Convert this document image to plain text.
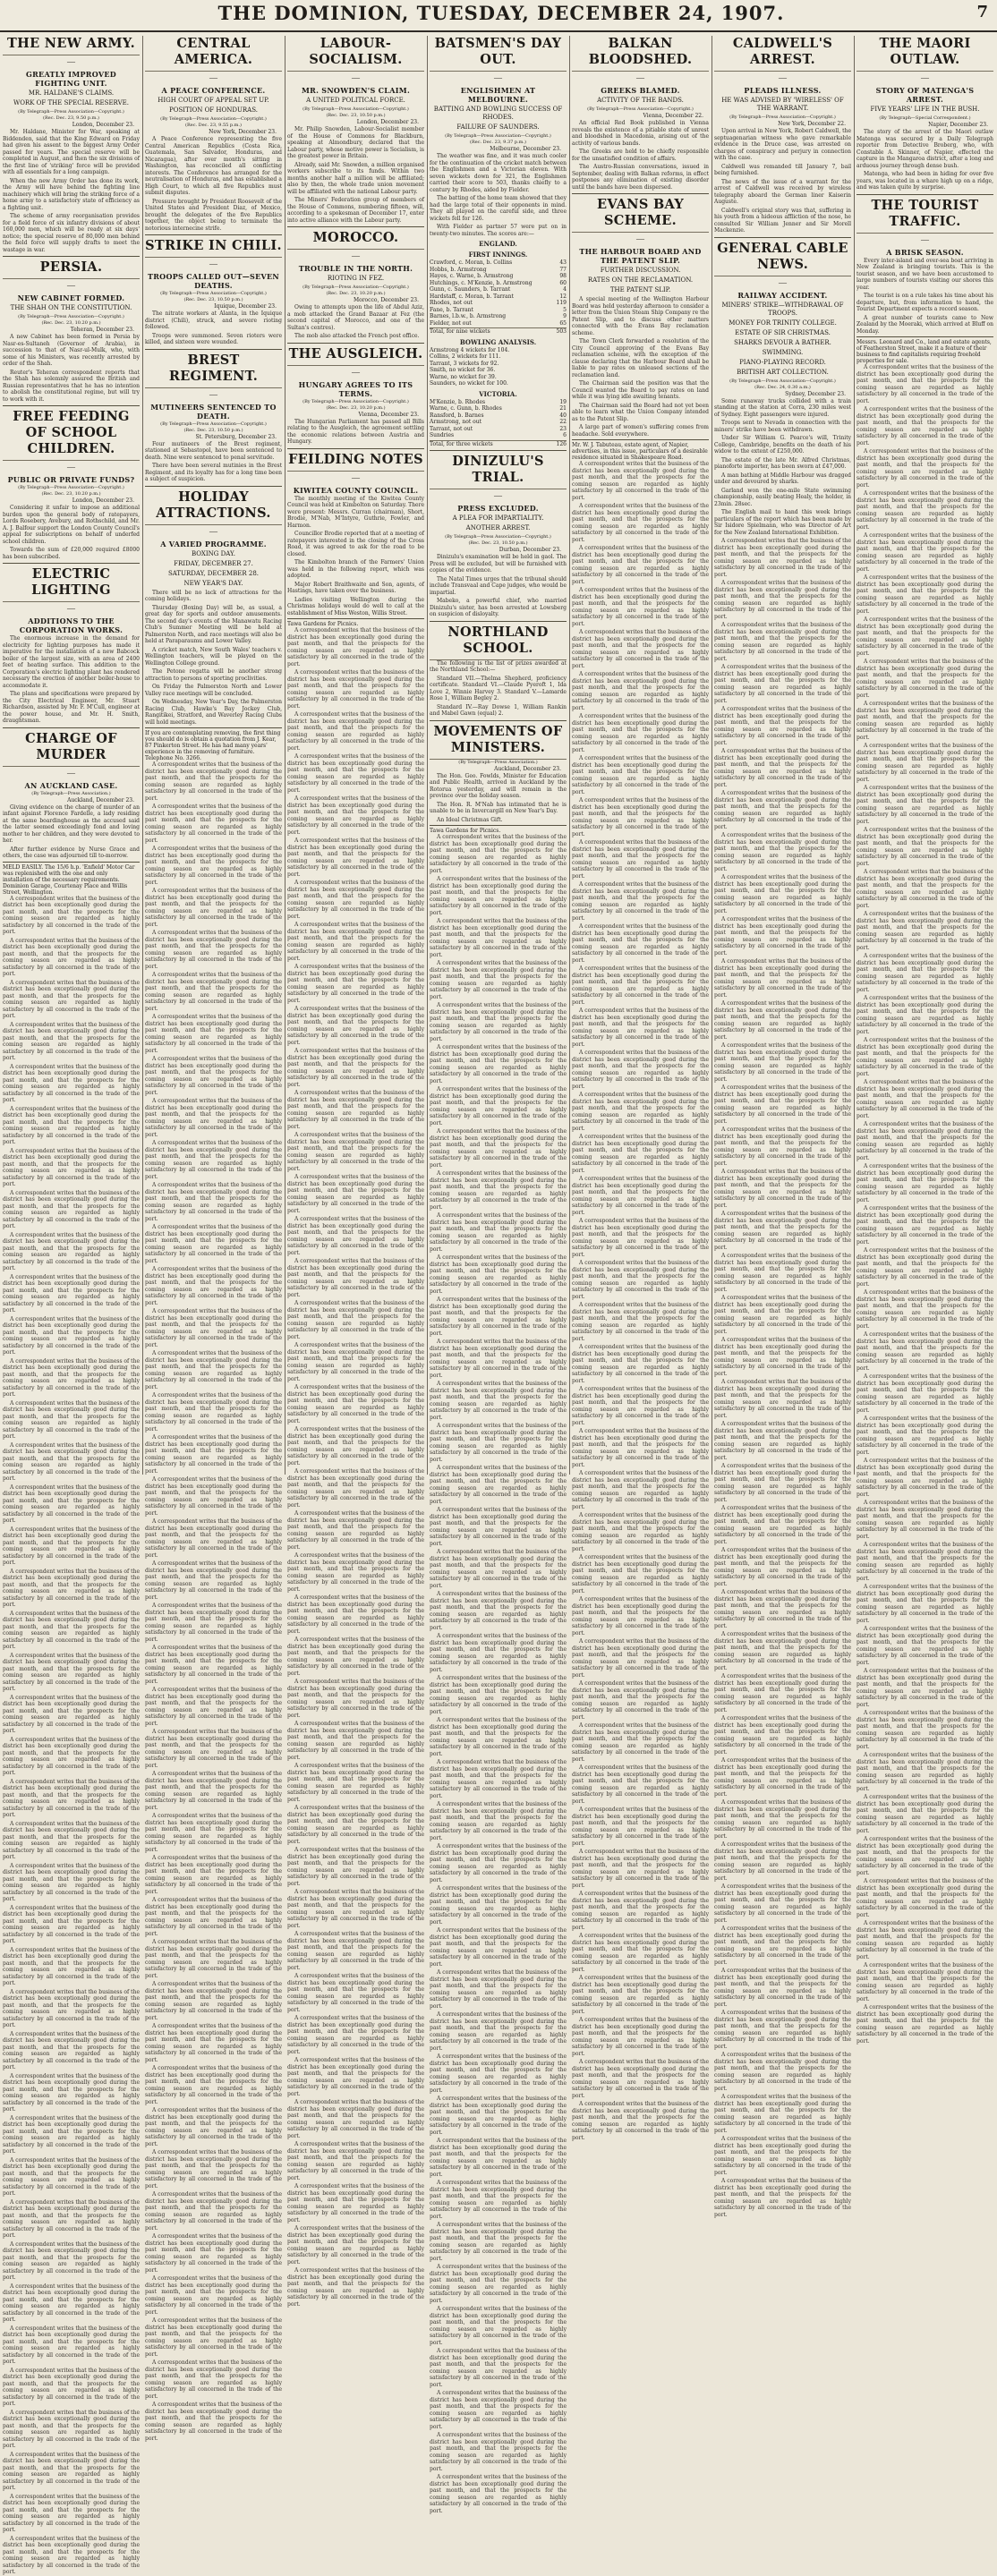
THE DOMINION, TUESDAY, DECEMBER 24, 1907.	7
THE NEW ARMY.
—
GREATLY IMPROVED FIGHTING UNIT.
MR. HALDANE'S CLAIMS.
WORK OF THE SPECIAL RESERVE.

(By Telegraph—Press Association—Copyright.)

(Rec. Dec. 23, 9.50 p.m.)

London, December 23.

Mr. Haldane, Minister for War, speaking at Biddenden, said that the King Edward on Friday had given his assent to the biggest Army Order passed for years. The special reserve will be completed in August, and then the six divisions of the first line of 'striking' force will be provided with all essentials for a long campaign.

When the new Army Order has done its work, the Army will have behind the fighting line machinery which will bring the striking force of a home army to a satisfactory state of efficiency as a fighting unit.

The scheme of army reorganisation provides for a field force of six infantry divisions of about 160,000 men, which will be ready at six days' notice; the special reserve of 80,000 men behind the field force will supply drafts to meet the wastage in war.

PERSIA.
—
NEW CABINET FORMED.
THE SHAH ON THE CONSTITUTION.

(By Telegraph—Press Association—Copyright.)

(Rec. Dec. 23, 10.20 p.m.)

Teheran, December 23.

A new Cabinet has been formed in Persia by Nasr-es-Sultaneh (Governor of Arabia), in succession to that of Nasr-ul-Mulk, who, with some of his Ministers, was recently arrested by order of the Shah.

Reuter's Teheran correspondent reports that the Shah has solemnly assured the British and Russian representatives that he has no intention to abolish the constitutional regime, but will try to work with it.

FREE FEEDING OF SCHOOL CHILDREN.
—
PUBLIC OR PRIVATE FUNDS?

(By Telegraph—Press Association—Copyright.)

(Rec. Dec. 23, 10.20 p.m.)

London, December 23.

Considering it unfair to impose an additional burden upon the general body of ratepayers, Lords Rosebery, Avebury, and Rothschild, and Mr. A. J. Balfour support the London County Council's appeal for subscriptions on behalf of underfed school children.

Towards the sum of £20,000 required £8000 has been subscribed.

ELECTRIC LIGHTING
—
ADDITIONS TO THE CORPORATION WORKS.

The enormous increase in the demand for electricity for lighting purposes has made it imperative for the installation of a new Babcock boiler of the largest size, with an area of 2400 feet of heating surface. This addition to the Corporation's electric lighting plant has rendered necessary the erection of another boiler-house to accommodate it.

The plans and specifications were prepared by the City Electrical Engineer, Mr. Stuart Richardson, assisted by Mr. F. M'Cull, engineer at the power house, and Mr. H. Smith, draughtsman.

CHARGE OF MURDER
—
AN AUCKLAND CASE.

(By Telegraph—Press Association.)

Auckland, December 23.

Giving evidence on the charge of murder of an infant against Florence Fardelle, a lady residing at the same boardinghouse as the accused said the latter seemed exceedingly fond and loving mother to her children, and they were devoted to her.

After further evidence by Nurse Grace and others, the case was adjourned till to-morrow.

MELD EASILY. The 15/6 h.p. 'Enfield' Motor Car was replenished with the one and only installation of the necessary requirements. Dominion Garage, Courtenay Place and Willis Street, Wellington.

A correspondent writes that the business of the district has been exceptionally good during the past month, and that the prospects for the coming season are regarded as highly satisfactory by all concerned in the trade of the port.

A correspondent writes that the business of the district has been exceptionally good during the past month, and that the prospects for the coming season are regarded as highly satisfactory by all concerned in the trade of the port.

A correspondent writes that the business of the district has been exceptionally good during the past month, and that the prospects for the coming season are regarded as highly satisfactory by all concerned in the trade of the port.

A correspondent writes that the business of the district has been exceptionally good during the past month, and that the prospects for the coming season are regarded as highly satisfactory by all concerned in the trade of the port.

A correspondent writes that the business of the district has been exceptionally good during the past month, and that the prospects for the coming season are regarded as highly satisfactory by all concerned in the trade of the port.

A correspondent writes that the business of the district has been exceptionally good during the past month, and that the prospects for the coming season are regarded as highly satisfactory by all concerned in the trade of the port.

A correspondent writes that the business of the district has been exceptionally good during the past month, and that the prospects for the coming season are regarded as highly satisfactory by all concerned in the trade of the port.

A correspondent writes that the business of the district has been exceptionally good during the past month, and that the prospects for the coming season are regarded as highly satisfactory by all concerned in the trade of the port.

A correspondent writes that the business of the district has been exceptionally good during the past month, and that the prospects for the coming season are regarded as highly satisfactory by all concerned in the trade of the port.

A correspondent writes that the business of the district has been exceptionally good during the past month, and that the prospects for the coming season are regarded as highly satisfactory by all concerned in the trade of the port.

A correspondent writes that the business of the district has been exceptionally good during the past month, and that the prospects for the coming season are regarded as highly satisfactory by all concerned in the trade of the port.

A correspondent writes that the business of the district has been exceptionally good during the past month, and that the prospects for the coming season are regarded as highly satisfactory by all concerned in the trade of the port.

A correspondent writes that the business of the district has been exceptionally good during the past month, and that the prospects for the coming season are regarded as highly satisfactory by all concerned in the trade of the port.

A correspondent writes that the business of the district has been exceptionally good during the past month, and that the prospects for the coming season are regarded as highly satisfactory by all concerned in the trade of the port.

A correspondent writes that the business of the district has been exceptionally good during the past month, and that the prospects for the coming season are regarded as highly satisfactory by all concerned in the trade of the port.

A correspondent writes that the business of the district has been exceptionally good during the past month, and that the prospects for the coming season are regarded as highly satisfactory by all concerned in the trade of the port.

A correspondent writes that the business of the district has been exceptionally good during the past month, and that the prospects for the coming season are regarded as highly satisfactory by all concerned in the trade of the port.

A correspondent writes that the business of the district has been exceptionally good during the past month, and that the prospects for the coming season are regarded as highly satisfactory by all concerned in the trade of the port.

A correspondent writes that the business of the district has been exceptionally good during the past month, and that the prospects for the coming season are regarded as highly satisfactory by all concerned in the trade of the port.

A correspondent writes that the business of the district has been exceptionally good during the past month, and that the prospects for the coming season are regarded as highly satisfactory by all concerned in the trade of the port.

A correspondent writes that the business of the district has been exceptionally good during the past month, and that the prospects for the coming season are regarded as highly satisfactory by all concerned in the trade of the port.

A correspondent writes that the business of the district has been exceptionally good during the past month, and that the prospects for the coming season are regarded as highly satisfactory by all concerned in the trade of the port.

A correspondent writes that the business of the district has been exceptionally good during the past month, and that the prospects for the coming season are regarded as highly satisfactory by all concerned in the trade of the port.

A correspondent writes that the business of the district has been exceptionally good during the past month, and that the prospects for the coming season are regarded as highly satisfactory by all concerned in the trade of the port.

A correspondent writes that the business of the district has been exceptionally good during the past month, and that the prospects for the coming season are regarded as highly satisfactory by all concerned in the trade of the port.

A correspondent writes that the business of the district has been exceptionally good during the past month, and that the prospects for the coming season are regarded as highly satisfactory by all concerned in the trade of the port.

A correspondent writes that the business of the district has been exceptionally good during the past month, and that the prospects for the coming season are regarded as highly satisfactory by all concerned in the trade of the port.

A correspondent writes that the business of the district has been exceptionally good during the past month, and that the prospects for the coming season are regarded as highly satisfactory by all concerned in the trade of the port.

A correspondent writes that the business of the district has been exceptionally good during the past month, and that the prospects for the coming season are regarded as highly satisfactory by all concerned in the trade of the port.

A correspondent writes that the business of the district has been exceptionally good during the past month, and that the prospects for the coming season are regarded as highly satisfactory by all concerned in the trade of the port.

A correspondent writes that the business of the district has been exceptionally good during the past month, and that the prospects for the coming season are regarded as highly satisfactory by all concerned in the trade of the port.

A correspondent writes that the business of the district has been exceptionally good during the past month, and that the prospects for the coming season are regarded as highly satisfactory by all concerned in the trade of the port.

A correspondent writes that the business of the district has been exceptionally good during the past month, and that the prospects for the coming season are regarded as highly satisfactory by all concerned in the trade of the port.

A correspondent writes that the business of the district has been exceptionally good during the past month, and that the prospects for the coming season are regarded as highly satisfactory by all concerned in the trade of the port.

A correspondent writes that the business of the district has been exceptionally good during the past month, and that the prospects for the coming season are regarded as highly satisfactory by all concerned in the trade of the port.

A correspondent writes that the business of the district has been exceptionally good during the past month, and that the prospects for the coming season are regarded as highly satisfactory by all concerned in the trade of the port.

A correspondent writes that the business of the district has been exceptionally good during the past month, and that the prospects for the coming season are regarded as highly satisfactory by all concerned in the trade of the port.

A correspondent writes that the business of the district has been exceptionally good during the past month, and that the prospects for the coming season are regarded as highly satisfactory by all concerned in the trade of the port.

A correspondent writes that the business of the district has been exceptionally good during the past month, and that the prospects for the coming season are regarded as highly satisfactory by all concerned in the trade of the port.

A correspondent writes that the business of the district has been exceptionally good during the past month, and that the prospects for the coming season are regarded as highly satisfactory by all concerned in the trade of the port.

CENTRAL AMERICA.
—
A PEACE CONFERENCE.
HIGH COURT OF APPEAL SET UP.
POSITION OF HONDURAS.

(By Telegraph—Press Association—Copyright.)

(Rec. Dec. 23, 9.55 p.m.)

New York, December 23.

A Peace Conference representing the five Central American Republics (Costa Rica, Guatemala, San Salvador, Honduras, and Nicaragua), after over month's sitting in Washington, has reconciled all conflicting interests. The Conference has arranged for the neutralisation of Honduras, and has established a High Court, to which all five Republics must submit disputes.

Pressure brought by President Roosevelt of the United States and President Diaz, of Mexico, brought the delegates of the five Republics together, the object being to terminate the notorious internecine strife.

STRIKE IN CHILI.
—
TROOPS CALLED OUT—SEVEN DEATHS.

(By Telegraph—Press Association—Copyright.)

(Rec. Dec. 23, 10.50 p.m.)

Iquique, December 23.

The nitrate workers at Alanta, in the Iquique district (Chili), struck, and severe rioting followed.

Troops were summoned. Seven rioters were killed, and sixteen were wounded.

BREST REGIMENT.
—
MUTINEERS SENTENCED TO DEATH.

(By Telegraph—Press Association—Copyright.)

(Rec. Dec. 23, 10.50 p.m.)

St. Petersburg, December 23.

Four mutineers of the Brest regiment, stationed at Sebastopol, have been sentenced to death. Nine were sentenced to penal servitude.

There have been several mutinies in the Brest Regiment, and its loyalty has for a long time been a subject of suspicion.

HOLIDAY ATTRACTIONS.
—
A VARIED PROGRAMME.
BOXING DAY.
FRIDAY, DECEMBER 27.
SATURDAY, DECEMBER 28.
NEW YEAR'S DAY.

There will be no lack of attractions for the coming holidays.

Thursday (Boxing Day) will be, as usual, a great day for sports and outdoor amusements. The second day's events of the Manawatu Racing Club's Summer Meeting will be held at Palmerston North, and race meetings will also be held at Paraparaumu and Lower Valley.

A cricket match, New South Wales' teachers v. Wellington teachers, will be played on the Wellington College ground.

The Petone regatta will be another strong attraction to persons of sporting proclivities.

On Friday the Palmerston North and Lower Valley race meetings will be concluded.

On Wednesday, New Year's Day, the Palmerston Racing Club, Hawke's Bay Jockey Club, Rangitikei, Stratford, and Waverley Racing Clubs will hold meetings.

If you are contemplating removing, the first thing you should do is obtain a quotation from J. Kear, 87 Pinkerton Street. He has had many years' experience in the removing of furniture. Telephone No. 3266.

A correspondent writes that the business of the district has been exceptionally good during the past month, and that the prospects for the coming season are regarded as highly satisfactory by all concerned in the trade of the port.

A correspondent writes that the business of the district has been exceptionally good during the past month, and that the prospects for the coming season are regarded as highly satisfactory by all concerned in the trade of the port.

A correspondent writes that the business of the district has been exceptionally good during the past month, and that the prospects for the coming season are regarded as highly satisfactory by all concerned in the trade of the port.

A correspondent writes that the business of the district has been exceptionally good during the past month, and that the prospects for the coming season are regarded as highly satisfactory by all concerned in the trade of the port.

A correspondent writes that the business of the district has been exceptionally good during the past month, and that the prospects for the coming season are regarded as highly satisfactory by all concerned in the trade of the port.

A correspondent writes that the business of the district has been exceptionally good during the past month, and that the prospects for the coming season are regarded as highly satisfactory by all concerned in the trade of the port.

A correspondent writes that the business of the district has been exceptionally good during the past month, and that the prospects for the coming season are regarded as highly satisfactory by all concerned in the trade of the port.

A correspondent writes that the business of the district has been exceptionally good during the past month, and that the prospects for the coming season are regarded as highly satisfactory by all concerned in the trade of the port.

A correspondent writes that the business of the district has been exceptionally good during the past month, and that the prospects for the coming season are regarded as highly satisfactory by all concerned in the trade of the port.

A correspondent writes that the business of the district has been exceptionally good during the past month, and that the prospects for the coming season are regarded as highly satisfactory by all concerned in the trade of the port.

A correspondent writes that the business of the district has been exceptionally good during the past month, and that the prospects for the coming season are regarded as highly satisfactory by all concerned in the trade of the port.

A correspondent writes that the business of the district has been exceptionally good during the past month, and that the prospects for the coming season are regarded as highly satisfactory by all concerned in the trade of the port.

A correspondent writes that the business of the district has been exceptionally good during the past month, and that the prospects for the coming season are regarded as highly satisfactory by all concerned in the trade of the port.

A correspondent writes that the business of the district has been exceptionally good during the past month, and that the prospects for the coming season are regarded as highly satisfactory by all concerned in the trade of the port.

A correspondent writes that the business of the district has been exceptionally good during the past month, and that the prospects for the coming season are regarded as highly satisfactory by all concerned in the trade of the port.

A correspondent writes that the business of the district has been exceptionally good during the past month, and that the prospects for the coming season are regarded as highly satisfactory by all concerned in the trade of the port.

A correspondent writes that the business of the district has been exceptionally good during the past month, and that the prospects for the coming season are regarded as highly satisfactory by all concerned in the trade of the port.

A correspondent writes that the business of the district has been exceptionally good during the past month, and that the prospects for the coming season are regarded as highly satisfactory by all concerned in the trade of the port.

A correspondent writes that the business of the district has been exceptionally good during the past month, and that the prospects for the coming season are regarded as highly satisfactory by all concerned in the trade of the port.

A correspondent writes that the business of the district has been exceptionally good during the past month, and that the prospects for the coming season are regarded as highly satisfactory by all concerned in the trade of the port.

A correspondent writes that the business of the district has been exceptionally good during the past month, and that the prospects for the coming season are regarded as highly satisfactory by all concerned in the trade of the port.

A correspondent writes that the business of the district has been exceptionally good during the past month, and that the prospects for the coming season are regarded as highly satisfactory by all concerned in the trade of the port.

A correspondent writes that the business of the district has been exceptionally good during the past month, and that the prospects for the coming season are regarded as highly satisfactory by all concerned in the trade of the port.

A correspondent writes that the business of the district has been exceptionally good during the past month, and that the prospects for the coming season are regarded as highly satisfactory by all concerned in the trade of the port.

A correspondent writes that the business of the district has been exceptionally good during the past month, and that the prospects for the coming season are regarded as highly satisfactory by all concerned in the trade of the port.

A correspondent writes that the business of the district has been exceptionally good during the past month, and that the prospects for the coming season are regarded as highly satisfactory by all concerned in the trade of the port.

A correspondent writes that the business of the district has been exceptionally good during the past month, and that the prospects for the coming season are regarded as highly satisfactory by all concerned in the trade of the port.

A correspondent writes that the business of the district has been exceptionally good during the past month, and that the prospects for the coming season are regarded as highly satisfactory by all concerned in the trade of the port.

A correspondent writes that the business of the district has been exceptionally good during the past month, and that the prospects for the coming season are regarded as highly satisfactory by all concerned in the trade of the port.

A correspondent writes that the business of the district has been exceptionally good during the past month, and that the prospects for the coming season are regarded as highly satisfactory by all concerned in the trade of the port.

A correspondent writes that the business of the district has been exceptionally good during the past month, and that the prospects for the coming season are regarded as highly satisfactory by all concerned in the trade of the port.

A correspondent writes that the business of the district has been exceptionally good during the past month, and that the prospects for the coming season are regarded as highly satisfactory by all concerned in the trade of the port.

A correspondent writes that the business of the district has been exceptionally good during the past month, and that the prospects for the coming season are regarded as highly satisfactory by all concerned in the trade of the port.

A correspondent writes that the business of the district has been exceptionally good during the past month, and that the prospects for the coming season are regarded as highly satisfactory by all concerned in the trade of the port.

A correspondent writes that the business of the district has been exceptionally good during the past month, and that the prospects for the coming season are regarded as highly satisfactory by all concerned in the trade of the port.

A correspondent writes that the business of the district has been exceptionally good during the past month, and that the prospects for the coming season are regarded as highly satisfactory by all concerned in the trade of the port.

A correspondent writes that the business of the district has been exceptionally good during the past month, and that the prospects for the coming season are regarded as highly satisfactory by all concerned in the trade of the port.

A correspondent writes that the business of the district has been exceptionally good during the past month, and that the prospects for the coming season are regarded as highly satisfactory by all concerned in the trade of the port.

A correspondent writes that the business of the district has been exceptionally good during the past month, and that the prospects for the coming season are regarded as highly satisfactory by all concerned in the trade of the port.

A correspondent writes that the business of the district has been exceptionally good during the past month, and that the prospects for the coming season are regarded as highly satisfactory by all concerned in the trade of the port.

LABOUR-SOCIALISM.
—
MR. SNOWDEN'S CLAIM.
A UNITED POLITICAL FORCE.

(By Telegraph—Press Association—Copyright.)

(Rec. Dec. 23, 10.50 p.m.)

London, December 23.

Mr. Philip Snowden, Labour-Socialist member of the House of Commons for Blackburn, speaking at Almondbury, declared that the Labour party, whose motive power is Socialism, is the greatest power in Britain.

Already, said Mr. Snowden, a million organised workers subscribe to its funds. Within two months another half a million will be affiliated; also by then, the whole trade union movement will be affiliated with the national Labour party.

The Miners' Federation group of members of the House of Commons, numbering fifteen, will, according to a spokesman of December 17, enter into active alliance with the Labour party.

MOROCCO.
—
TROUBLE IN THE NORTH.
RIOTING IN FEZ.

(By Telegraph—Press Association—Copyright.)

(Rec. Dec. 23, 10.20 p.m.)

Morocco, December 23.

Owing to attempts upon the life of Abdul Aziz, a mob attacked the Grand Bazaar at Fez (the second capital of Morocco, and one of the Sultan's centres).

The mob also attacked the French post office.

THE AUSGLEICH.
—
HUNGARY AGREES TO ITS TERMS.

(By Telegraph—Press Association—Copyright.)

(Rec. Dec. 23, 10.20 p.m.)

Vienna, December 23.

The Hungarian Parliament has passed all Bills relating to the Ausgleich, the agreement settling the economic relations between Austria and Hungary.

FEILDING NOTES
—
KIWITEA COUNTY COUNCIL.

The monthly meeting of the Kiwitea County Council was held at Kimbolton on Saturday. There were present: Messrs. Curran (chairman), Short, Brodie, M'Nab, M'Intyre, Guthrie, Fowler, and Harmon.

Councillor Brodie reported that at a meeting of ratepayers interested in the closing of the Cross Road, it was agreed to ask for the road to be closed.

The Kimbolton branch of the Farmers' Union was held in the following report, which was adopted.

Major Robert Braithwaite and Son, agents, of Hastings, have taken over the business.

Ladies visiting Wellington during the Christmas holidays would do well to call at the establishment of Miss Weston, Willis Street.

Tawa Gardens for Picnics.

A correspondent writes that the business of the district has been exceptionally good during the past month, and that the prospects for the coming season are regarded as highly satisfactory by all concerned in the trade of the port.

A correspondent writes that the business of the district has been exceptionally good during the past month, and that the prospects for the coming season are regarded as highly satisfactory by all concerned in the trade of the port.

A correspondent writes that the business of the district has been exceptionally good during the past month, and that the prospects for the coming season are regarded as highly satisfactory by all concerned in the trade of the port.

A correspondent writes that the business of the district has been exceptionally good during the past month, and that the prospects for the coming season are regarded as highly satisfactory by all concerned in the trade of the port.

A correspondent writes that the business of the district has been exceptionally good during the past month, and that the prospects for the coming season are regarded as highly satisfactory by all concerned in the trade of the port.

A correspondent writes that the business of the district has been exceptionally good during the past month, and that the prospects for the coming season are regarded as highly satisfactory by all concerned in the trade of the port.

A correspondent writes that the business of the district has been exceptionally good during the past month, and that the prospects for the coming season are regarded as highly satisfactory by all concerned in the trade of the port.

A correspondent writes that the business of the district has been exceptionally good during the past month, and that the prospects for the coming season are regarded as highly satisfactory by all concerned in the trade of the port.

A correspondent writes that the business of the district has been exceptionally good during the past month, and that the prospects for the coming season are regarded as highly satisfactory by all concerned in the trade of the port.

A correspondent writes that the business of the district has been exceptionally good during the past month, and that the prospects for the coming season are regarded as highly satisfactory by all concerned in the trade of the port.

A correspondent writes that the business of the district has been exceptionally good during the past month, and that the prospects for the coming season are regarded as highly satisfactory by all concerned in the trade of the port.

A correspondent writes that the business of the district has been exceptionally good during the past month, and that the prospects for the coming season are regarded as highly satisfactory by all concerned in the trade of the port.

A correspondent writes that the business of the district has been exceptionally good during the past month, and that the prospects for the coming season are regarded as highly satisfactory by all concerned in the trade of the port.

A correspondent writes that the business of the district has been exceptionally good during the past month, and that the prospects for the coming season are regarded as highly satisfactory by all concerned in the trade of the port.

A correspondent writes that the business of the district has been exceptionally good during the past month, and that the prospects for the coming season are regarded as highly satisfactory by all concerned in the trade of the port.

A correspondent writes that the business of the district has been exceptionally good during the past month, and that the prospects for the coming season are regarded as highly satisfactory by all concerned in the trade of the port.

A correspondent writes that the business of the district has been exceptionally good during the past month, and that the prospects for the coming season are regarded as highly satisfactory by all concerned in the trade of the port.

A correspondent writes that the business of the district has been exceptionally good during the past month, and that the prospects for the coming season are regarded as highly satisfactory by all concerned in the trade of the port.

A correspondent writes that the business of the district has been exceptionally good during the past month, and that the prospects for the coming season are regarded as highly satisfactory by all concerned in the trade of the port.

A correspondent writes that the business of the district has been exceptionally good during the past month, and that the prospects for the coming season are regarded as highly satisfactory by all concerned in the trade of the port.

A correspondent writes that the business of the district has been exceptionally good during the past month, and that the prospects for the coming season are regarded as highly satisfactory by all concerned in the trade of the port.

A correspondent writes that the business of the district has been exceptionally good during the past month, and that the prospects for the coming season are regarded as highly satisfactory by all concerned in the trade of the port.

A correspondent writes that the business of the district has been exceptionally good during the past month, and that the prospects for the coming season are regarded as highly satisfactory by all concerned in the trade of the port.

A correspondent writes that the business of the district has been exceptionally good during the past month, and that the prospects for the coming season are regarded as highly satisfactory by all concerned in the trade of the port.

A correspondent writes that the business of the district has been exceptionally good during the past month, and that the prospects for the coming season are regarded as highly satisfactory by all concerned in the trade of the port.

A correspondent writes that the business of the district has been exceptionally good during the past month, and that the prospects for the coming season are regarded as highly satisfactory by all concerned in the trade of the port.

A correspondent writes that the business of the district has been exceptionally good during the past month, and that the prospects for the coming season are regarded as highly satisfactory by all concerned in the trade of the port.

A correspondent writes that the business of the district has been exceptionally good during the past month, and that the prospects for the coming season are regarded as highly satisfactory by all concerned in the trade of the port.

A correspondent writes that the business of the district has been exceptionally good during the past month, and that the prospects for the coming season are regarded as highly satisfactory by all concerned in the trade of the port.

A correspondent writes that the business of the district has been exceptionally good during the past month, and that the prospects for the coming season are regarded as highly satisfactory by all concerned in the trade of the port.

A correspondent writes that the business of the district has been exceptionally good during the past month, and that the prospects for the coming season are regarded as highly satisfactory by all concerned in the trade of the port.

A correspondent writes that the business of the district has been exceptionally good during the past month, and that the prospects for the coming season are regarded as highly satisfactory by all concerned in the trade of the port.

A correspondent writes that the business of the district has been exceptionally good during the past month, and that the prospects for the coming season are regarded as highly satisfactory by all concerned in the trade of the port.

A correspondent writes that the business of the district has been exceptionally good during the past month, and that the prospects for the coming season are regarded as highly satisfactory by all concerned in the trade of the port.

A correspondent writes that the business of the district has been exceptionally good during the past month, and that the prospects for the coming season are regarded as highly satisfactory by all concerned in the trade of the port.

A correspondent writes that the business of the district has been exceptionally good during the past month, and that the prospects for the coming season are regarded as highly satisfactory by all concerned in the trade of the port.

A correspondent writes that the business of the district has been exceptionally good during the past month, and that the prospects for the coming season are regarded as highly satisfactory by all concerned in the trade of the port.

A correspondent writes that the business of the district has been exceptionally good during the past month, and that the prospects for the coming season are regarded as highly satisfactory by all concerned in the trade of the port.

A correspondent writes that the business of the district has been exceptionally good during the past month, and that the prospects for the coming season are regarded as highly satisfactory by all concerned in the trade of the port.

A correspondent writes that the business of the district has been exceptionally good during the past month, and that the prospects for the coming season are regarded as highly satisfactory by all concerned in the trade of the port.

BATSMEN'S DAY OUT.
—
ENGLISHMEN AT MELBOURNE.
BATTING AND BOWLING SUCCESS OF RHODES.
FAILURE OF SAUNDERS.

(By Telegraph—Press Association—Copyright.)

(Rec. Dec. 23, 9.37 p.m.)

Melbourne, December 23.

The weather was fine, and it was much cooler for the continuation of the cricket match between the Englishmen and a Victorian eleven. With seven wickets down for 321, the Englishmen carried their score to 503, thanks chiefly to a century by Rhodes, aided by Fielder.

The batting of the home team showed that they had the large total of their opponents in mind. They all played on the careful side, and three wickets fell for 126.

With Fielder as partner 57 were put on in twenty-two minutes. The scores are:—

ENGLAND.
FIRST INNINGS.
Crawford, c. Moran, b. Collins	43
Hobbs, b. Armstrong	77
Hayes, c. Warne, b. Armstrong	98
Hutchings, c. M'Kenzie, b. Armstrong	60
Gunn, c. Saunders, b. Tarrant	4
Hardstaff, c. Moran, b. Tarrant	12
Rhodes, not out	119
Fane, b. Tarrant	5
Barnes, l.b.w., b. Armstrong	9
Fielder, not out	65
Total, for nine wickets	503
BOWLING ANALYSIS.
Armstrong 4 wickets for 104.
Collins, 2 wickets for 111.
Tarrant, 3 wickets for 92.
Smith, no wicket for 36.
Warne, no wicket for 39.
Saunders, no wicket for 100.
VICTORIA.
M'Kenzie, b. Rhodes	19
Warne, c. Gunn, b. Rhodes	21
Ransford, b. Barnes	40
Armstrong, not out	22
Tarrant, not out	23
Sundries	6
Total, for three wickets	126
DINIZULU'S TRIAL.
—
PRESS EXCLUDED.
A PLEA FOR IMPARTIALITY.
ANOTHER ARREST.

(By Telegraph—Press Association—Copyright.)

(Rec. Dec. 23, 10.50 p.m.)

Durban, December 23.

Dinizulu's examination will be held in gaol. The Press will be excluded, but will be furnished with copies of the evidence.

The Natal Times urges that the tribunal should include Transvaal and Cape judges, who would be impartial.

Mabeko, a powerful chief, who married Dinizulu's sister, has been arrested at Lowsberg on suspicion of disloyalty.

NORTHLAND SCHOOL.

The following is the list of prizes awarded at the Northland School:—

Standard VII.—Thelma Shepherd, proficiency certificate. Standard VI.—Claude Pyeroft 1, Ida Love 2, Winnie Harvey 3. Standard V.—Lamarde Rose 1, William Begley 2.

Standard IV.—Ray Dowse 1, William Rankin and Mabel Gawn (equal) 2.

MOVEMENTS OF MINISTERS.

(By Telegraph—Press Association.)

Auckland, December 23.

The Hon. Geo. Fowlds, Minister for Education and Public Health, arrived in Auckland by the Rotorua yesterday, and will remain in the province over the holiday season.

The Hon. R. M'Nab has intimated that he is unable to be in Invercargill on New Year's Day.

An Ideal Christmas Gift.

Tawa Gardens for Picnics.

A correspondent writes that the business of the district has been exceptionally good during the past month, and that the prospects for the coming season are regarded as highly satisfactory by all concerned in the trade of the port.

A correspondent writes that the business of the district has been exceptionally good during the past month, and that the prospects for the coming season are regarded as highly satisfactory by all concerned in the trade of the port.

A correspondent writes that the business of the district has been exceptionally good during the past month, and that the prospects for the coming season are regarded as highly satisfactory by all concerned in the trade of the port.

A correspondent writes that the business of the district has been exceptionally good during the past month, and that the prospects for the coming season are regarded as highly satisfactory by all concerned in the trade of the port.

A correspondent writes that the business of the district has been exceptionally good during the past month, and that the prospects for the coming season are regarded as highly satisfactory by all concerned in the trade of the port.

A correspondent writes that the business of the district has been exceptionally good during the past month, and that the prospects for the coming season are regarded as highly satisfactory by all concerned in the trade of the port.

A correspondent writes that the business of the district has been exceptionally good during the past month, and that the prospects for the coming season are regarded as highly satisfactory by all concerned in the trade of the port.

A correspondent writes that the business of the district has been exceptionally good during the past month, and that the prospects for the coming season are regarded as highly satisfactory by all concerned in the trade of the port.

A correspondent writes that the business of the district has been exceptionally good during the past month, and that the prospects for the coming season are regarded as highly satisfactory by all concerned in the trade of the port.

A correspondent writes that the business of the district has been exceptionally good during the past month, and that the prospects for the coming season are regarded as highly satisfactory by all concerned in the trade of the port.

A correspondent writes that the business of the district has been exceptionally good during the past month, and that the prospects for the coming season are regarded as highly satisfactory by all concerned in the trade of the port.

A correspondent writes that the business of the district has been exceptionally good during the past month, and that the prospects for the coming season are regarded as highly satisfactory by all concerned in the trade of the port.

A correspondent writes that the business of the district has been exceptionally good during the past month, and that the prospects for the coming season are regarded as highly satisfactory by all concerned in the trade of the port.

A correspondent writes that the business of the district has been exceptionally good during the past month, and that the prospects for the coming season are regarded as highly satisfactory by all concerned in the trade of the port.

A correspondent writes that the business of the district has been exceptionally good during the past month, and that the prospects for the coming season are regarded as highly satisfactory by all concerned in the trade of the port.

A correspondent writes that the business of the district has been exceptionally good during the past month, and that the prospects for the coming season are regarded as highly satisfactory by all concerned in the trade of the port.

A correspondent writes that the business of the district has been exceptionally good during the past month, and that the prospects for the coming season are regarded as highly satisfactory by all concerned in the trade of the port.

A correspondent writes that the business of the district has been exceptionally good during the past month, and that the prospects for the coming season are regarded as highly satisfactory by all concerned in the trade of the port.

A correspondent writes that the business of the district has been exceptionally good during the past month, and that the prospects for the coming season are regarded as highly satisfactory by all concerned in the trade of the port.

A correspondent writes that the business of the district has been exceptionally good during the past month, and that the prospects for the coming season are regarded as highly satisfactory by all concerned in the trade of the port.

A correspondent writes that the business of the district has been exceptionally good during the past month, and that the prospects for the coming season are regarded as highly satisfactory by all concerned in the trade of the port.

A correspondent writes that the business of the district has been exceptionally good during the past month, and that the prospects for the coming season are regarded as highly satisfactory by all concerned in the trade of the port.

A correspondent writes that the business of the district has been exceptionally good during the past month, and that the prospects for the coming season are regarded as highly satisfactory by all concerned in the trade of the port.

A correspondent writes that the business of the district has been exceptionally good during the past month, and that the prospects for the coming season are regarded as highly satisfactory by all concerned in the trade of the port.

A correspondent writes that the business of the district has been exceptionally good during the past month, and that the prospects for the coming season are regarded as highly satisfactory by all concerned in the trade of the port.

A correspondent writes that the business of the district has been exceptionally good during the past month, and that the prospects for the coming season are regarded as highly satisfactory by all concerned in the trade of the port.

A correspondent writes that the business of the district has been exceptionally good during the past month, and that the prospects for the coming season are regarded as highly satisfactory by all concerned in the trade of the port.

A correspondent writes that the business of the district has been exceptionally good during the past month, and that the prospects for the coming season are regarded as highly satisfactory by all concerned in the trade of the port.

A correspondent writes that the business of the district has been exceptionally good during the past month, and that the prospects for the coming season are regarded as highly satisfactory by all concerned in the trade of the port.

A correspondent writes that the business of the district has been exceptionally good during the past month, and that the prospects for the coming season are regarded as highly satisfactory by all concerned in the trade of the port.

A correspondent writes that the business of the district has been exceptionally good during the past month, and that the prospects for the coming season are regarded as highly satisfactory by all concerned in the trade of the port.

A correspondent writes that the business of the district has been exceptionally good during the past month, and that the prospects for the coming season are regarded as highly satisfactory by all concerned in the trade of the port.

A correspondent writes that the business of the district has been exceptionally good during the past month, and that the prospects for the coming season are regarded as highly satisfactory by all concerned in the trade of the port.

A correspondent writes that the business of the district has been exceptionally good during the past month, and that the prospects for the coming season are regarded as highly satisfactory by all concerned in the trade of the port.

A correspondent writes that the business of the district has been exceptionally good during the past month, and that the prospects for the coming season are regarded as highly satisfactory by all concerned in the trade of the port.

A correspondent writes that the business of the district has been exceptionally good during the past month, and that the prospects for the coming season are regarded as highly satisfactory by all concerned in the trade of the port.

A correspondent writes that the business of the district has been exceptionally good during the past month, and that the prospects for the coming season are regarded as highly satisfactory by all concerned in the trade of the port.

A correspondent writes that the business of the district has been exceptionally good during the past month, and that the prospects for the coming season are regarded as highly satisfactory by all concerned in the trade of the port.

A correspondent writes that the business of the district has been exceptionally good during the past month, and that the prospects for the coming season are regarded as highly satisfactory by all concerned in the trade of the port.

A correspondent writes that the business of the district has been exceptionally good during the past month, and that the prospects for the coming season are regarded as highly satisfactory by all concerned in the trade of the port.

BALKAN BLOODSHED.
—
GREEKS BLAMED.
ACTIVITY OF THE BANDS.

(By Telegraph—Press Association—Copyright.)

Vienna, December 22.

An official Red Book published in Vienna reveals the existence of a pitiable state of unrest and bloodshed in Macedonia, arising out of the activity of various bands.

The Greeks are held to be chiefly responsible for the unsatisfied condition of affairs.

The Austro-Russian conversations, issued in September, dealing with Balkan reforms, in effect postpones any elimination of existing disorder until the bands have been dispersed.

EVANS BAY SCHEME.
—
THE HARBOUR BOARD AND THE PATENT SLIP.
FURTHER DISCUSSION.
RATES ON THE RECLAMATION.
THE PATENT SLIP.

A special meeting of the Wellington Harbour Board was held yesterday afternoon to consider a letter from the Union Steam Ship Company re the Patent Slip, and to discuss other matters connected with the Evans Bay reclamation scheme.

The Town Clerk forwarded a resolution of the City Council approving of the Evans Bay reclamation scheme, with the exception of the clause declaring that the Harbour Board shall be liable to pay rates on unleased sections of the reclamation land.

The Chairman said the position was that the Council wanted the Board to pay rates on land while it was lying idle awaiting tenants.

The Chairman said the Board had not yet been able to learn what the Union Company intended as to the Patent Slip.

A large part of women's suffering comes from headache. Sold everywhere.

Mr. W. J. Tabuteau, estate agent, of Napier, advertises, in this issue, particulars of a desirable residence situated in Shakespeare Road.

A correspondent writes that the business of the district has been exceptionally good during the past month, and that the prospects for the coming season are regarded as highly satisfactory by all concerned in the trade of the port.

A correspondent writes that the business of the district has been exceptionally good during the past month, and that the prospects for the coming season are regarded as highly satisfactory by all concerned in the trade of the port.

A correspondent writes that the business of the district has been exceptionally good during the past month, and that the prospects for the coming season are regarded as highly satisfactory by all concerned in the trade of the port.

A correspondent writes that the business of the district has been exceptionally good during the past month, and that the prospects for the coming season are regarded as highly satisfactory by all concerned in the trade of the port.

A correspondent writes that the business of the district has been exceptionally good during the past month, and that the prospects for the coming season are regarded as highly satisfactory by all concerned in the trade of the port.

A correspondent writes that the business of the district has been exceptionally good during the past month, and that the prospects for the coming season are regarded as highly satisfactory by all concerned in the trade of the port.

A correspondent writes that the business of the district has been exceptionally good during the past month, and that the prospects for the coming season are regarded as highly satisfactory by all concerned in the trade of the port.

A correspondent writes that the business of the district has been exceptionally good during the past month, and that the prospects for the coming season are regarded as highly satisfactory by all concerned in the trade of the port.

A correspondent writes that the business of the district has been exceptionally good during the past month, and that the prospects for the coming season are regarded as highly satisfactory by all concerned in the trade of the port.

A correspondent writes that the business of the district has been exceptionally good during the past month, and that the prospects for the coming season are regarded as highly satisfactory by all concerned in the trade of the port.

A correspondent writes that the business of the district has been exceptionally good during the past month, and that the prospects for the coming season are regarded as highly satisfactory by all concerned in the trade of the port.

A correspondent writes that the business of the district has been exceptionally good during the past month, and that the prospects for the coming season are regarded as highly satisfactory by all concerned in the trade of the port.

A correspondent writes that the business of the district has been exceptionally good during the past month, and that the prospects for the coming season are regarded as highly satisfactory by all concerned in the trade of the port.

A correspondent writes that the business of the district has been exceptionally good during the past month, and that the prospects for the coming season are regarded as highly satisfactory by all concerned in the trade of the port.

A correspondent writes that the business of the district has been exceptionally good during the past month, and that the prospects for the coming season are regarded as highly satisfactory by all concerned in the trade of the port.

A correspondent writes that the business of the district has been exceptionally good during the past month, and that the prospects for the coming season are regarded as highly satisfactory by all concerned in the trade of the port.

A correspondent writes that the business of the district has been exceptionally good during the past month, and that the prospects for the coming season are regarded as highly satisfactory by all concerned in the trade of the port.

A correspondent writes that the business of the district has been exceptionally good during the past month, and that the prospects for the coming season are regarded as highly satisfactory by all concerned in the trade of the port.

A correspondent writes that the business of the district has been exceptionally good during the past month, and that the prospects for the coming season are regarded as highly satisfactory by all concerned in the trade of the port.

A correspondent writes that the business of the district has been exceptionally good during the past month, and that the prospects for the coming season are regarded as highly satisfactory by all concerned in the trade of the port.

A correspondent writes that the business of the district has been exceptionally good during the past month, and that the prospects for the coming season are regarded as highly satisfactory by all concerned in the trade of the port.

A correspondent writes that the business of the district has been exceptionally good during the past month, and that the prospects for the coming season are regarded as highly satisfactory by all concerned in the trade of the port.

A correspondent writes that the business of the district has been exceptionally good during the past month, and that the prospects for the coming season are regarded as highly satisfactory by all concerned in the trade of the port.

A correspondent writes that the business of the district has been exceptionally good during the past month, and that the prospects for the coming season are regarded as highly satisfactory by all concerned in the trade of the port.

A correspondent writes that the business of the district has been exceptionally good during the past month, and that the prospects for the coming season are regarded as highly satisfactory by all concerned in the trade of the port.

A correspondent writes that the business of the district has been exceptionally good during the past month, and that the prospects for the coming season are regarded as highly satisfactory by all concerned in the trade of the port.

A correspondent writes that the business of the district has been exceptionally good during the past month, and that the prospects for the coming season are regarded as highly satisfactory by all concerned in the trade of the port.

A correspondent writes that the business of the district has been exceptionally good during the past month, and that the prospects for the coming season are regarded as highly satisfactory by all concerned in the trade of the port.

A correspondent writes that the business of the district has been exceptionally good during the past month, and that the prospects for the coming season are regarded as highly satisfactory by all concerned in the trade of the port.

A correspondent writes that the business of the district has been exceptionally good during the past month, and that the prospects for the coming season are regarded as highly satisfactory by all concerned in the trade of the port.

A correspondent writes that the business of the district has been exceptionally good during the past month, and that the prospects for the coming season are regarded as highly satisfactory by all concerned in the trade of the port.

A correspondent writes that the business of the district has been exceptionally good during the past month, and that the prospects for the coming season are regarded as highly satisfactory by all concerned in the trade of the port.

A correspondent writes that the business of the district has been exceptionally good during the past month, and that the prospects for the coming season are regarded as highly satisfactory by all concerned in the trade of the port.

A correspondent writes that the business of the district has been exceptionally good during the past month, and that the prospects for the coming season are regarded as highly satisfactory by all concerned in the trade of the port.

A correspondent writes that the business of the district has been exceptionally good during the past month, and that the prospects for the coming season are regarded as highly satisfactory by all concerned in the trade of the port.

A correspondent writes that the business of the district has been exceptionally good during the past month, and that the prospects for the coming season are regarded as highly satisfactory by all concerned in the trade of the port.

A correspondent writes that the business of the district has been exceptionally good during the past month, and that the prospects for the coming season are regarded as highly satisfactory by all concerned in the trade of the port.

A correspondent writes that the business of the district has been exceptionally good during the past month, and that the prospects for the coming season are regarded as highly satisfactory by all concerned in the trade of the port.

A correspondent writes that the business of the district has been exceptionally good during the past month, and that the prospects for the coming season are regarded as highly satisfactory by all concerned in the trade of the port.

A correspondent writes that the business of the district has been exceptionally good during the past month, and that the prospects for the coming season are regarded as highly satisfactory by all concerned in the trade of the port.

CALDWELL'S ARREST.
—
PLEADS ILLNESS.
HE WAS ADVISED BY 'WIRELESS' OF THE WARRANT.

(By Telegraph—Press Association—Copyright.)

New York, December 22.

Upon arrival in New York, Robert Caldwell, the septuagenarian witness who gave remarkable evidence in the Druce case, was arrested on charges of conspiracy and perjury in connection with the case.

Caldwell was remanded till January 7, bail being furnished.

The news of the issue of a warrant for the arrest of Caldwell was received by wireless telegraphy aboard the German liner Kaiserin Auguste.

Caldwell's original story was that, suffering in his youth from a hideous affliction of the nose, he consulted Sir William Jenner and Sir Morell Mackenzie.

GENERAL CABLE NEWS.
—
RAILWAY ACCIDENT.
MINERS' STRIKE—WITHDRAWAL OF TROOPS.
MONEY FOR TRINITY COLLEGE.
ESTATE OF SIR CHRISTMAS.
SHARKS DEVOUR A BATHER.
SWIMMING.
PIANO-PLAYING RECORD.
BRITISH ART COLLECTION.

(By Telegraph—Press Association—Copyright.)

(Rec. Dec. 24, 0.30 a.m.)

Sydney, December 23.

Some runaway trucks collided with a train standing at the station at Corra, 230 miles west of Sydney. Eight passengers were injured.

Troops sent to Nevada in connection with the miners' strike have been withdrawn.

Under Sir William G. Pearce's will, Trinity College, Cambridge, benefits on the death of his widow to the extent of £250,000.

The estate of the late Mr. Alfred Christmas, pianoforte importer, has been sworn at £47,000.

A man bathing at Middle Harbour was dragged under and devoured by sharks.

Garland won the one-mile State swimming championship, easily beating Healy, the holder, in 23min. 28sec.

The English mail to hand this week brings particulars of the report which has been made by Sir Isidore Spielmann, who was Director of Art for the New Zealand International Exhibition.

A correspondent writes that the business of the district has been exceptionally good during the past month, and that the prospects for the coming season are regarded as highly satisfactory by all concerned in the trade of the port.

A correspondent writes that the business of the district has been exceptionally good during the past month, and that the prospects for the coming season are regarded as highly satisfactory by all concerned in the trade of the port.

A correspondent writes that the business of the district has been exceptionally good during the past month, and that the prospects for the coming season are regarded as highly satisfactory by all concerned in the trade of the port.

A correspondent writes that the business of the district has been exceptionally good during the past month, and that the prospects for the coming season are regarded as highly satisfactory by all concerned in the trade of the port.

A correspondent writes that the business of the district has been exceptionally good during the past month, and that the prospects for the coming season are regarded as highly satisfactory by all concerned in the trade of the port.

A correspondent writes that the business of the district has been exceptionally good during the past month, and that the prospects for the coming season are regarded as highly satisfactory by all concerned in the trade of the port.

A correspondent writes that the business of the district has been exceptionally good during the past month, and that the prospects for the coming season are regarded as highly satisfactory by all concerned in the trade of the port.

A correspondent writes that the business of the district has been exceptionally good during the past month, and that the prospects for the coming season are regarded as highly satisfactory by all concerned in the trade of the port.

A correspondent writes that the business of the district has been exceptionally good during the past month, and that the prospects for the coming season are regarded as highly satisfactory by all concerned in the trade of the port.

A correspondent writes that the business of the district has been exceptionally good during the past month, and that the prospects for the coming season are regarded as highly satisfactory by all concerned in the trade of the port.

A correspondent writes that the business of the district has been exceptionally good during the past month, and that the prospects for the coming season are regarded as highly satisfactory by all concerned in the trade of the port.

A correspondent writes that the business of the district has been exceptionally good during the past month, and that the prospects for the coming season are regarded as highly satisfactory by all concerned in the trade of the port.

A correspondent writes that the business of the district has been exceptionally good during the past month, and that the prospects for the coming season are regarded as highly satisfactory by all concerned in the trade of the port.

A correspondent writes that the business of the district has been exceptionally good during the past month, and that the prospects for the coming season are regarded as highly satisfactory by all concerned in the trade of the port.

A correspondent writes that the business of the district has been exceptionally good during the past month, and that the prospects for the coming season are regarded as highly satisfactory by all concerned in the trade of the port.

A correspondent writes that the business of the district has been exceptionally good during the past month, and that the prospects for the coming season are regarded as highly satisfactory by all concerned in the trade of the port.

A correspondent writes that the business of the district has been exceptionally good during the past month, and that the prospects for the coming season are regarded as highly satisfactory by all concerned in the trade of the port.

A correspondent writes that the business of the district has been exceptionally good during the past month, and that the prospects for the coming season are regarded as highly satisfactory by all concerned in the trade of the port.

A correspondent writes that the business of the district has been exceptionally good during the past month, and that the prospects for the coming season are regarded as highly satisfactory by all concerned in the trade of the port.

A correspondent writes that the business of the district has been exceptionally good during the past month, and that the prospects for the coming season are regarded as highly satisfactory by all concerned in the trade of the port.

A correspondent writes that the business of the district has been exceptionally good during the past month, and that the prospects for the coming season are regarded as highly satisfactory by all concerned in the trade of the port.

A correspondent writes that the business of the district has been exceptionally good during the past month, and that the prospects for the coming season are regarded as highly satisfactory by all concerned in the trade of the port.

A correspondent writes that the business of the district has been exceptionally good during the past month, and that the prospects for the coming season are regarded as highly satisfactory by all concerned in the trade of the port.

A correspondent writes that the business of the district has been exceptionally good during the past month, and that the prospects for the coming season are regarded as highly satisfactory by all concerned in the trade of the port.

A correspondent writes that the business of the district has been exceptionally good during the past month, and that the prospects for the coming season are regarded as highly satisfactory by all concerned in the trade of the port.

A correspondent writes that the business of the district has been exceptionally good during the past month, and that the prospects for the coming season are regarded as highly satisfactory by all concerned in the trade of the port.

A correspondent writes that the business of the district has been exceptionally good during the past month, and that the prospects for the coming season are regarded as highly satisfactory by all concerned in the trade of the port.

A correspondent writes that the business of the district has been exceptionally good during the past month, and that the prospects for the coming season are regarded as highly satisfactory by all concerned in the trade of the port.

A correspondent writes that the business of the district has been exceptionally good during the past month, and that the prospects for the coming season are regarded as highly satisfactory by all concerned in the trade of the port.

A correspondent writes that the business of the district has been exceptionally good during the past month, and that the prospects for the coming season are regarded as highly satisfactory by all concerned in the trade of the port.

A correspondent writes that the business of the district has been exceptionally good during the past month, and that the prospects for the coming season are regarded as highly satisfactory by all concerned in the trade of the port.

A correspondent writes that the business of the district has been exceptionally good during the past month, and that the prospects for the coming season are regarded as highly satisfactory by all concerned in the trade of the port.

A correspondent writes that the business of the district has been exceptionally good during the past month, and that the prospects for the coming season are regarded as highly satisfactory by all concerned in the trade of the port.

A correspondent writes that the business of the district has been exceptionally good during the past month, and that the prospects for the coming season are regarded as highly satisfactory by all concerned in the trade of the port.

A correspondent writes that the business of the district has been exceptionally good during the past month, and that the prospects for the coming season are regarded as highly satisfactory by all concerned in the trade of the port.

A correspondent writes that the business of the district has been exceptionally good during the past month, and that the prospects for the coming season are regarded as highly satisfactory by all concerned in the trade of the port.

A correspondent writes that the business of the district has been exceptionally good during the past month, and that the prospects for the coming season are regarded as highly satisfactory by all concerned in the trade of the port.

A correspondent writes that the business of the district has been exceptionally good during the past month, and that the prospects for the coming season are regarded as highly satisfactory by all concerned in the trade of the port.

A correspondent writes that the business of the district has been exceptionally good during the past month, and that the prospects for the coming season are regarded as highly satisfactory by all concerned in the trade of the port.

A correspondent writes that the business of the district has been exceptionally good during the past month, and that the prospects for the coming season are regarded as highly satisfactory by all concerned in the trade of the port.

THE MAORI OUTLAW.
—
STORY OF MATENGA'S ARREST.
FIVE YEARS' LIFE IN THE BUSH.

(By Telegraph—Special Correspondent.)

Napier, December 23.

The story of the arrest of the Maori outlaw Matenga was secured by a Daily Telegraph reporter from Detective Broberg, who, with Constable A. Skinner, of Napier, effected the capture in the Mangaroa district, after a long and arduous journey through dense bush.

Matenga, who had been in hiding for over five years, was located in a whare high up on a ridge, and was taken quite by surprise.

THE TOURIST TRAFFIC.
—
A BRISK SEASON.

Every inter-island and over-sea boat arriving in New Zealand is bringing tourists. This is the tourist season, and we have been accustomed to large numbers of tourists visiting our shores this year.

The tourist is on a rule takes his time about his departure, but, from information to hand, the Tourist Department expects a record season.

A great number of tourists came to New Zealand by the Moeraki, which arrived at Bluff on Monday.

Messrs. Leonard and Co., land and estate agents, of Featherston Street, make it a feature of their business to find capitalists requiring freehold properties for sale.

A correspondent writes that the business of the district has been exceptionally good during the past month, and that the prospects for the coming season are regarded as highly satisfactory by all concerned in the trade of the port.

A correspondent writes that the business of the district has been exceptionally good during the past month, and that the prospects for the coming season are regarded as highly satisfactory by all concerned in the trade of the port.

A correspondent writes that the business of the district has been exceptionally good during the past month, and that the prospects for the coming season are regarded as highly satisfactory by all concerned in the trade of the port.

A correspondent writes that the business of the district has been exceptionally good during the past month, and that the prospects for the coming season are regarded as highly satisfactory by all concerned in the trade of the port.

A correspondent writes that the business of the district has been exceptionally good during the past month, and that the prospects for the coming season are regarded as highly satisfactory by all concerned in the trade of the port.

A correspondent writes that the business of the district has been exceptionally good during the past month, and that the prospects for the coming season are regarded as highly satisfactory by all concerned in the trade of the port.

A correspondent writes that the business of the district has been exceptionally good during the past month, and that the prospects for the coming season are regarded as highly satisfactory by all concerned in the trade of the port.

A correspondent writes that the business of the district has been exceptionally good during the past month, and that the prospects for the coming season are regarded as highly satisfactory by all concerned in the trade of the port.

A correspondent writes that the business of the district has been exceptionally good during the past month, and that the prospects for the coming season are regarded as highly satisfactory by all concerned in the trade of the port.

A correspondent writes that the business of the district has been exceptionally good during the past month, and that the prospects for the coming season are regarded as highly satisfactory by all concerned in the trade of the port.

A correspondent writes that the business of the district has been exceptionally good during the past month, and that the prospects for the coming season are regarded as highly satisfactory by all concerned in the trade of the port.

A correspondent writes that the business of the district has been exceptionally good during the past month, and that the prospects for the coming season are regarded as highly satisfactory by all concerned in the trade of the port.

A correspondent writes that the business of the district has been exceptionally good during the past month, and that the prospects for the coming season are regarded as highly satisfactory by all concerned in the trade of the port.

A correspondent writes that the business of the district has been exceptionally good during the past month, and that the prospects for the coming season are regarded as highly satisfactory by all concerned in the trade of the port.

A correspondent writes that the business of the district has been exceptionally good during the past month, and that the prospects for the coming season are regarded as highly satisfactory by all concerned in the trade of the port.

A correspondent writes that the business of the district has been exceptionally good during the past month, and that the prospects for the coming season are regarded as highly satisfactory by all concerned in the trade of the port.

A correspondent writes that the business of the district has been exceptionally good during the past month, and that the prospects for the coming season are regarded as highly satisfactory by all concerned in the trade of the port.

A correspondent writes that the business of the district has been exceptionally good during the past month, and that the prospects for the coming season are regarded as highly satisfactory by all concerned in the trade of the port.

A correspondent writes that the business of the district has been exceptionally good during the past month, and that the prospects for the coming season are regarded as highly satisfactory by all concerned in the trade of the port.

A correspondent writes that the business of the district has been exceptionally good during the past month, and that the prospects for the coming season are regarded as highly satisfactory by all concerned in the trade of the port.

A correspondent writes that the business of the district has been exceptionally good during the past month, and that the prospects for the coming season are regarded as highly satisfactory by all concerned in the trade of the port.

A correspondent writes that the business of the district has been exceptionally good during the past month, and that the prospects for the coming season are regarded as highly satisfactory by all concerned in the trade of the port.

A correspondent writes that the business of the district has been exceptionally good during the past month, and that the prospects for the coming season are regarded as highly satisfactory by all concerned in the trade of the port.

A correspondent writes that the business of the district has been exceptionally good during the past month, and that the prospects for the coming season are regarded as highly satisfactory by all concerned in the trade of the port.

A correspondent writes that the business of the district has been exceptionally good during the past month, and that the prospects for the coming season are regarded as highly satisfactory by all concerned in the trade of the port.

A correspondent writes that the business of the district has been exceptionally good during the past month, and that the prospects for the coming season are regarded as highly satisfactory by all concerned in the trade of the port.

A correspondent writes that the business of the district has been exceptionally good during the past month, and that the prospects for the coming season are regarded as highly satisfactory by all concerned in the trade of the port.

A correspondent writes that the business of the district has been exceptionally good during the past month, and that the prospects for the coming season are regarded as highly satisfactory by all concerned in the trade of the port.

A correspondent writes that the business of the district has been exceptionally good during the past month, and that the prospects for the coming season are regarded as highly satisfactory by all concerned in the trade of the port.

A correspondent writes that the business of the district has been exceptionally good during the past month, and that the prospects for the coming season are regarded as highly satisfactory by all concerned in the trade of the port.

A correspondent writes that the business of the district has been exceptionally good during the past month, and that the prospects for the coming season are regarded as highly satisfactory by all concerned in the trade of the port.

A correspondent writes that the business of the district has been exceptionally good during the past month, and that the prospects for the coming season are regarded as highly satisfactory by all concerned in the trade of the port.

A correspondent writes that the business of the district has been exceptionally good during the past month, and that the prospects for the coming season are regarded as highly satisfactory by all concerned in the trade of the port.

A correspondent writes that the business of the district has been exceptionally good during the past month, and that the prospects for the coming season are regarded as highly satisfactory by all concerned in the trade of the port.

A correspondent writes that the business of the district has been exceptionally good during the past month, and that the prospects for the coming season are regarded as highly satisfactory by all concerned in the trade of the port.

A correspondent writes that the business of the district has been exceptionally good during the past month, and that the prospects for the coming season are regarded as highly satisfactory by all concerned in the trade of the port.

A correspondent writes that the business of the district has been exceptionally good during the past month, and that the prospects for the coming season are regarded as highly satisfactory by all concerned in the trade of the port.

A correspondent writes that the business of the district has been exceptionally good during the past month, and that the prospects for the coming season are regarded as highly satisfactory by all concerned in the trade of the port.

A correspondent writes that the business of the district has been exceptionally good during the past month, and that the prospects for the coming season are regarded as highly satisfactory by all concerned in the trade of the port.

A correspondent writes that the business of the district has been exceptionally good during the past month, and that the prospects for the coming season are regarded as highly satisfactory by all concerned in the trade of the port.
